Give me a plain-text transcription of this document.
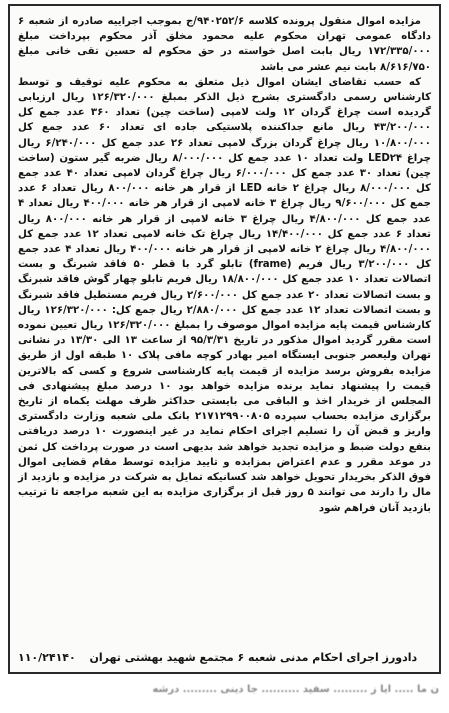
مزایده اموال منقول پرونده کلاسه ۹۴۰۲۵۲/۶/ج بموجب اجراییه صادره از شعبه ۶ دادگاه عمومی تهران محکوم علیه محمود مخلق آذر محکوم بپرداخت مبلغ ۱۷۲/۳۳۵/۰۰۰ ریال بابت اصل خواسته در حق محکوم له حسین تقی خانی مبلغ ۸/۶۱۶/۷۵۰ بابت نیم عشر می باشد

که حسب تقاضای ایشان اموال ذیل متعلق به محکوم علیه توقیف و توسط کارشناس رسمی دادگستری بشرح ذیل الذکر بمبلغ ۱۲۶/۳۲۰/۰۰۰ ریال ارزیابی گردیده است چراغ گردان ۱۲ ولت لامپی (ساخت چین) تعداد ۳۶۰ عدد جمع کل ۴۳/۲۰۰/۰۰۰ ریال مانع جداکننده پلاستیکی جاده ای تعداد ۶۰ عدد جمع کل ۱۰/۸۰۰/۰۰۰ ریال چراغ گردان بزرگ لامپی تعداد ۲۶ عدد جمع کل ۶/۲۴۰/۰۰۰ ریال چراغ LED۲۴ ولت تعداد ۱۰ عدد جمع کل ۸/۰۰۰/۰۰۰ ریال ضربه گیر ستون (ساخت چین) تعداد ۳۰ عدد جمع کل ۶/۰۰۰/۰۰۰ ریال چراغ گردان لامپی تعداد ۴۰ عدد جمع کل ۸/۰۰۰/۰۰۰ ریال چراغ ۲ خانه LED از قرار هر خانه ۸۰۰/۰۰۰ ریال تعداد ۶ عدد جمع کل ۹/۶۰۰/۰۰۰ ریال چراغ ۳ خانه لامپی از قرار هر خانه ۴۰۰/۰۰۰ ریال تعداد ۴ عدد جمع کل ۴/۸۰۰/۰۰۰ ریال چراغ ۳ خانه لامپی از قرار هر خانه ۸۰۰/۰۰۰ ریال تعداد ۶ عدد جمع کل ۱۴/۴۰۰/۰۰۰ ریال چراغ تک خانه لامپی تعداد ۱۲ عدد جمع کل ۴/۸۰۰/۰۰۰ ریال چراغ ۲ خانه لامپی از قرار هر خانه ۴۰۰/۰۰۰ ریال تعداد ۴ عدد جمع کل ۳/۲۰۰/۰۰۰ ریال فریم (frame) تابلو گرد با قطر ۵۰ فاقد شبرنگ و بست اتصالات تعداد ۱۰ عدد جمع کل ۱۸/۸۰۰/۰۰۰ ریال فریم تابلو چهار گوش فاقد شبرنگ و بست اتصالات تعداد ۲۰ عدد جمع کل ۲/۶۰۰/۰۰۰ ریال فریم مستطیل فاقد شبرنگ و بست اتصالات تعداد ۱۲ عدد جمع کل ۲/۸۸۰/۰۰۰ ریال جمع کل: ۱۲۶/۳۲۰/۰۰۰ ریال کارشناس قیمت پایه مزایده اموال موصوف را بمبلغ ۱۲۶/۳۲۰/۰۰۰ ریال تعیین نموده است مقرر گردید اموال مذکور در تاریخ ۹۵/۳/۳۱ از ساعت ۱۳ الی ۱۳/۳۰ در نشانی تهران ولیعصر جنوبی ایستگاه امیر بهادر کوچه مافی پلاک ۱۰ طبقه اول از طریق مزایده بفروش برسد مزایده از قیمت پایه کارشناسی شروع و کسی که بالاترین قیمت را پیشنهاد نماید برنده مزایده خواهد بود ۱۰ درصد مبلغ پیشنهادی فی المجلس از خریدار اخذ و الباقی می بایستی حداکثر ظرف مهلت یکماه از تاریخ برگزاری مزایده بحساب سپرده ۲۱۷۱۲۹۹۰۰۸۰۵ بانک ملی شعبه وزارت دادگستری واریز و قبض آن را تسلیم اجرای احکام نماید در غیر اینصورت ۱۰ درصد دریافتی بنفع دولت ضبط و مزایده تجدید خواهد شد بدیهی است در صورت پرداخت کل ثمن در موعد مقرر و عدم اعتراض بمزایده و تایید مزایده توسط مقام قضایی اموال فوق الذکر بخریدار تحویل خواهد شد کسانیکه تمایل به شرکت در مزایده و بازدید از مال را دارند می توانند ۵ روز قبل از برگزاری مزایده به این شعبه مراجعه تا ترتیب بازدید آنان فراهم شود

دادورز اجرای احکام مدنی شعبه ۶ مجتمع شهید بهشتی تهران
۱۱۰/۲۴۱۴۰
ن ما ..... ایا ز ......... سفید .......... جا دینی ......... درشه
